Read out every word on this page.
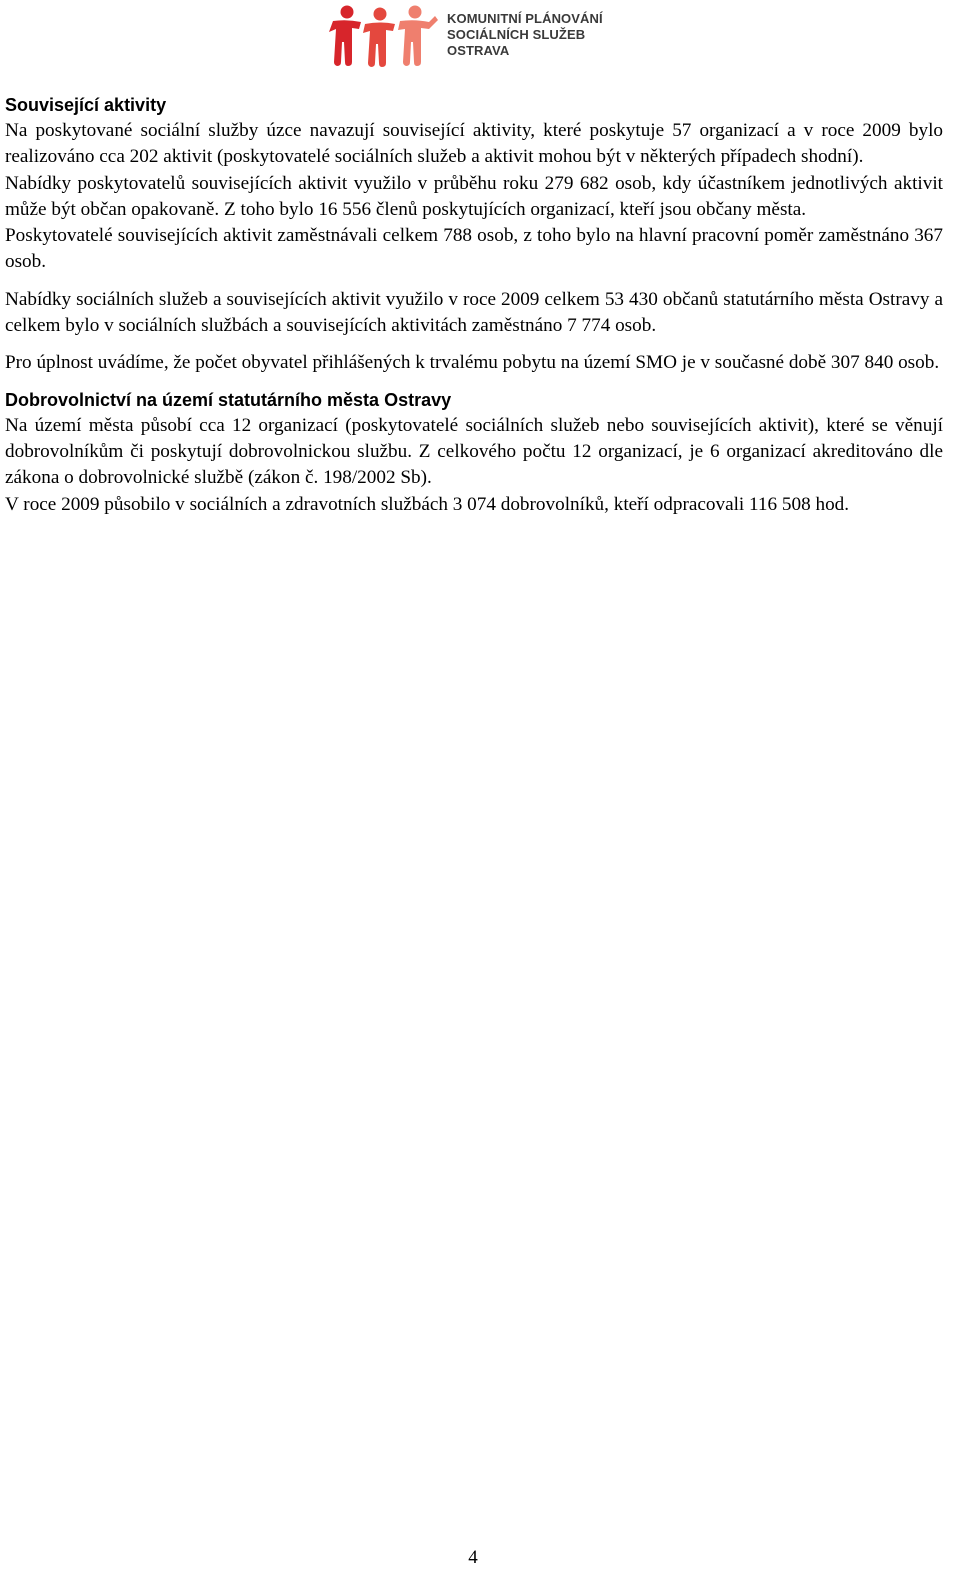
KOMUNITNÍ PLÁNOVÁNÍ
SOCIÁLNÍCH SLUŽEB
OSTRAVA
Související aktivity

Na poskytované sociální služby úzce navazují související aktivity, které poskytuje 57 organizací a v roce 2009 bylo realizováno cca 202 aktivit (poskytovatelé sociálních služeb a aktivit mohou být v některých případech shodní).

Nabídky poskytovatelů souvisejících aktivit využilo v průběhu roku 279 682 osob, kdy účastníkem jednotlivých aktivit může být občan opakovaně. Z toho bylo 16 556 členů poskytujících organizací, kteří jsou občany města.

Poskytovatelé souvisejících aktivit zaměstnávali celkem 788 osob, z toho bylo na hlavní pracovní poměr zaměstnáno 367 osob.

Nabídky sociálních služeb a souvisejících aktivit využilo v roce 2009 celkem 53 430 občanů statutárního města Ostravy a celkem bylo v sociálních službách a souvisejících aktivitách zaměstnáno 7 774 osob.

Pro úplnost uvádíme, že počet obyvatel přihlášených k trvalému pobytu na území SMO je v současné době 307 840 osob.

Dobrovolnictví na území statutárního města Ostravy

Na území města působí cca 12 organizací (poskytovatelé sociálních služeb nebo souvisejících aktivit), které se věnují dobrovolníkům či poskytují dobrovolnickou službu. Z celkového počtu 12 organizací, je 6 organizací akreditováno dle zákona o dobrovolnické službě (zákon č. 198/2002 Sb).

V roce 2009 působilo v sociálních a zdravotních službách 3 074 dobrovolníků, kteří odpracovali 116 508 hod.

4
